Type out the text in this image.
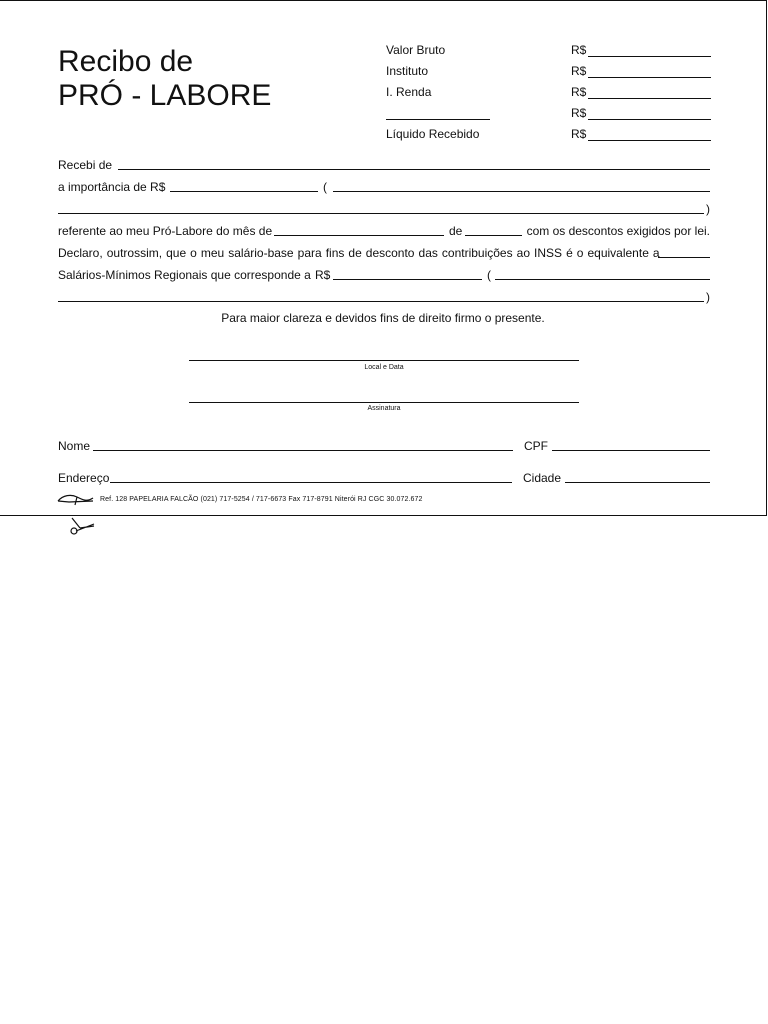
Recibo de
PRÓ - LABORE
Valor Bruto	R$
Instituto	R$
I. Renda	R$
R$
Líquido Recebido	R$
Recebi de
a importância de R$	(
)
referente ao meu Pró-Labore do mês de	de	com os descontos exigidos por lei.
Declaro, outrossim, que o meu salário-base para fins de desconto das contribuições ao INSS é o equivalente a
Salários-Mínimos Regionais que corresponde a R$	(
)
Para maior clareza e devidos fins de direito firmo o presente.
Local e Data
Assinatura
Nome	CPF
Endereço	Cidade
Ref. 128 PAPELARIA FALCÃO (021) 717-5254 / 717-6673 Fax 717-8791 Niterói RJ CGC 30.072.672
